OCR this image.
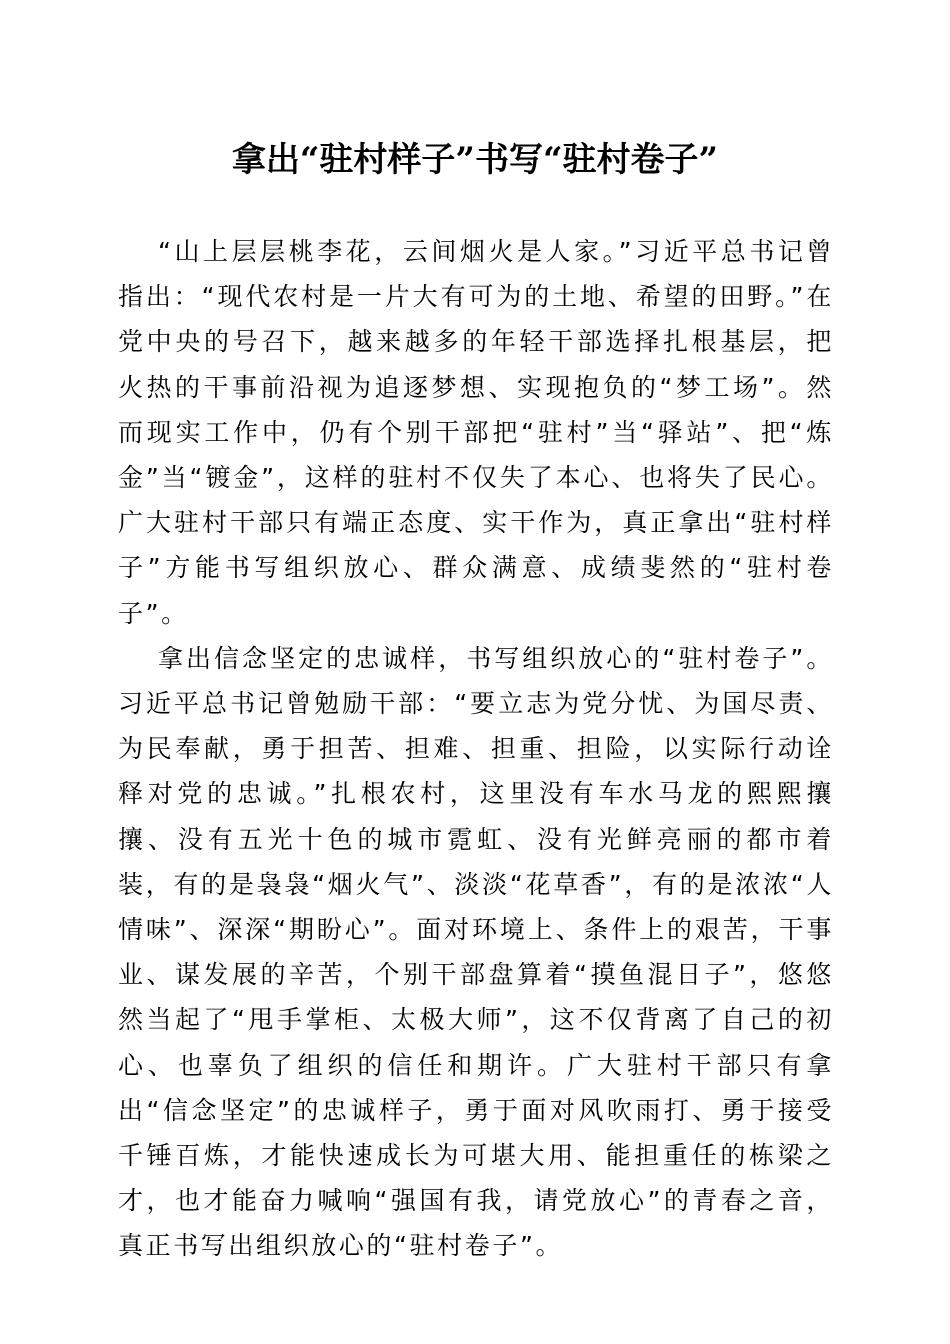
拿出“驻村样子”书写“驻村卷子”

“山上层层桃李花，云间烟火是人家。”习近平总书记曾指出：“现代农村是一片大有可为的土地、希望的田野。”在党中央的号召下，越来越多的年轻干部选择扎根基层，把火热的干事前沿视为追逐梦想、实现抱负的“梦工场”。然而现实工作中，仍有个别干部把“驻村”当“驿站”、把“炼金”当“镀金”，这样的驻村不仅失了本心、也将失了民心。广大驻村干部只有端正态度、实干作为，真正拿出“驻村样子”方能书写组织放心、群众满意、成绩斐然的“驻村卷子”。

拿出信念坚定的忠诚样，书写组织放心的“驻村卷子”。习近平总书记曾勉励干部：“要立志为党分忧、为国尽责、为民奉献，勇于担苦、担难、担重、担险，以实际行动诠释对党的忠诚。”扎根农村，这里没有车水马龙的熙熙攘攘、没有五光十色的城市霓虹、没有光鲜亮丽的都市着装，有的是袅袅“烟火气”、淡淡“花草香”，有的是浓浓“人情味”、深深“期盼心”。面对环境上、条件上的艰苦，干事业、谋发展的辛苦，个别干部盘算着“摸鱼混日子”，悠悠然当起了“甩手掌柜、太极大师”，这不仅背离了自己的初心、也辜负了组织的信任和期许。广大驻村干部只有拿出“信念坚定”的忠诚样子，勇于面对风吹雨打、勇于接受千锤百炼，才能快速成长为可堪大用、能担重任的栋梁之才，也才能奋力喊响“强国有我，请党放心”的青春之音，真正书写出组织放心的“驻村卷子”。
